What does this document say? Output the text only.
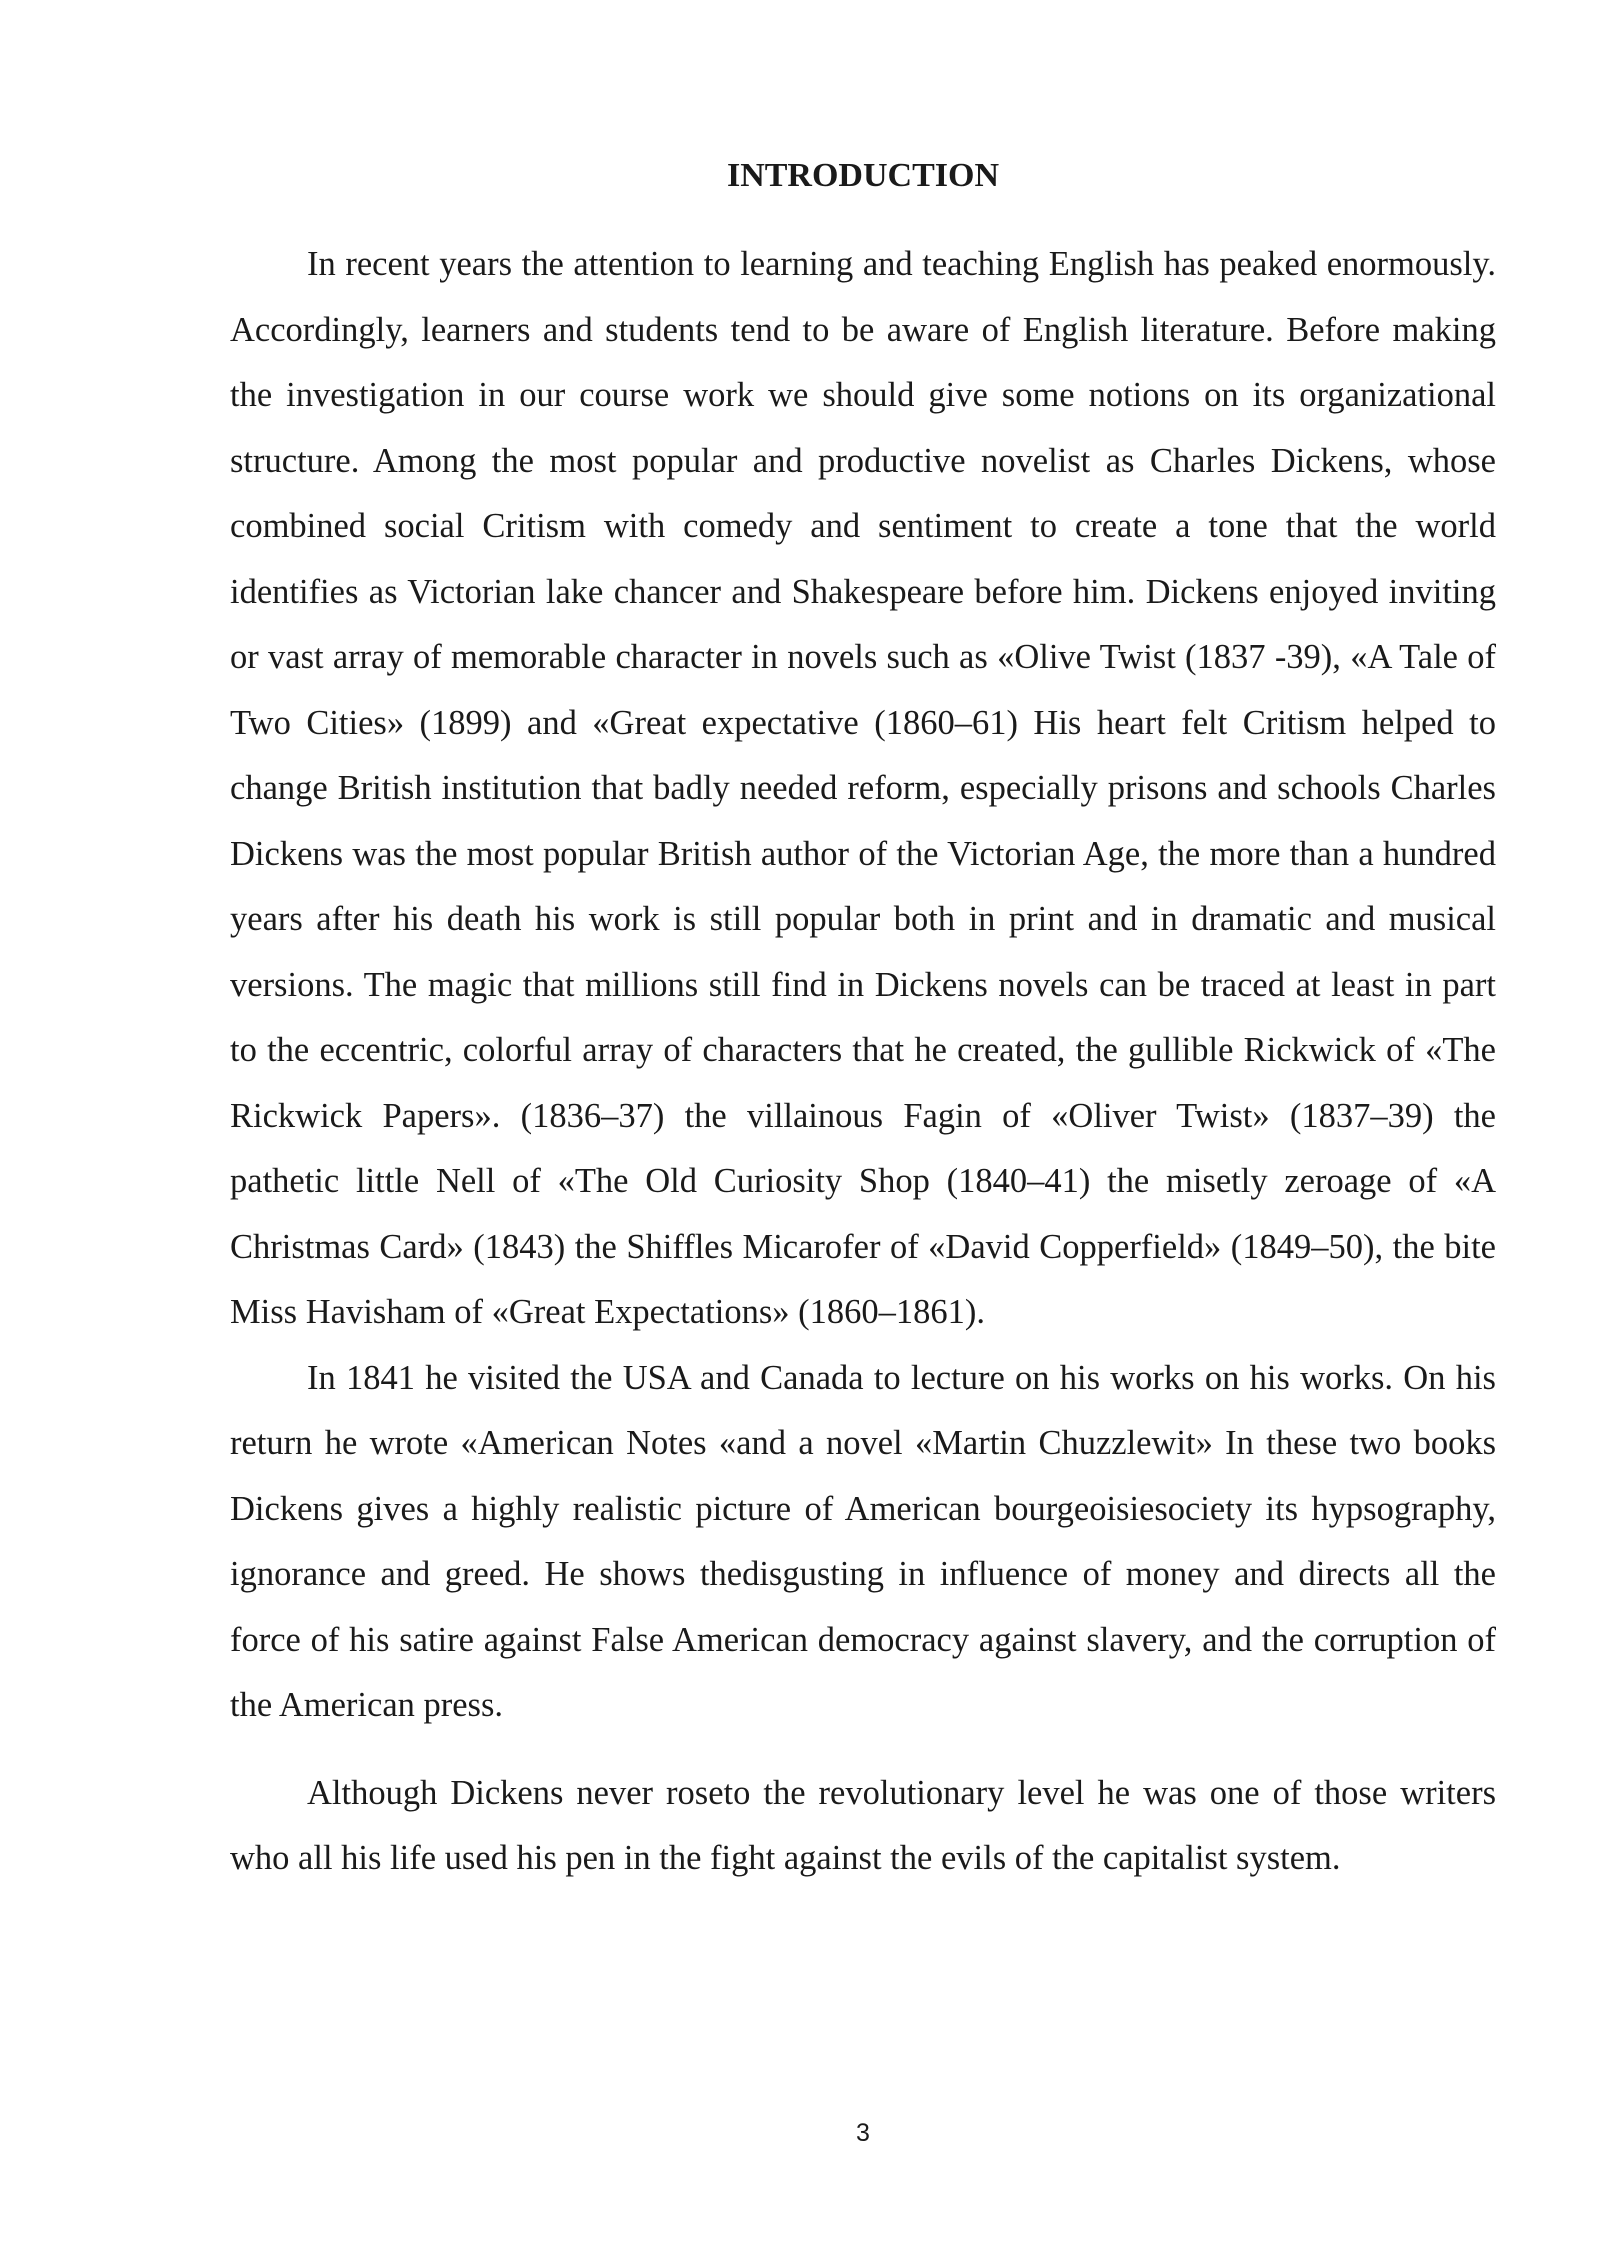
INTRODUCTION

In recent years the attention to learning and teaching English has peaked enormously. Accordingly, learners and students tend to be aware of English literature. Before making the investigation in our course work we should give some notions on its organizational structure. Among the most popular and productive novelist as Charles Dickens, whose combined social Critism with comedy and sentiment to create a tone that the world identifies as Victorian lake chancer and Shakespeare before him. Dickens enjoyed inviting or vast array of memorable character in novels such as «Olive Twist (1837 -39), «A Tale of Two Cities» (1899) and «Great expectative (1860–61) His heart felt Critism helped to change British institution that badly needed reform, especially prisons and schools Charles Dickens was the most popular British author of the Victorian Age, the more than a hundred years after his death his work is still popular both in print and in dramatic and musical versions. The magic that millions still find in Dickens novels can be traced at least in part to the eccentric, colorful array of characters that he created, the gullible Rickwick of «The Rickwick Papers». (1836–37) the villainous Fagin of «Oliver Twist» (1837–39) the pathetic little Nell of «The Old Curiosity Shop (1840–41) the misetly zeroage of «A Christmas Card» (1843) the Shiffles Micarofer of «David Copperfield» (1849–50), the bite Miss Havisham of «Great Expectations» (1860–1861).

In 1841 he visited the USA and Canada to lecture on his works on his works. On his return he wrote «American Notes «and a novel «Martin Chuzzlewit» In these two books Dickens gives a highly realistic picture of American bourgeoisiesociety its hypsography, ignorance and greed. He shows thedisgusting in influence of money and directs all the force of his satire against False American democracy against slavery, and the corruption of the American press.

Although Dickens never roseto the revolutionary level he was one of those writers who all his life used his pen in the fight against the evils of the capitalist system.

3
